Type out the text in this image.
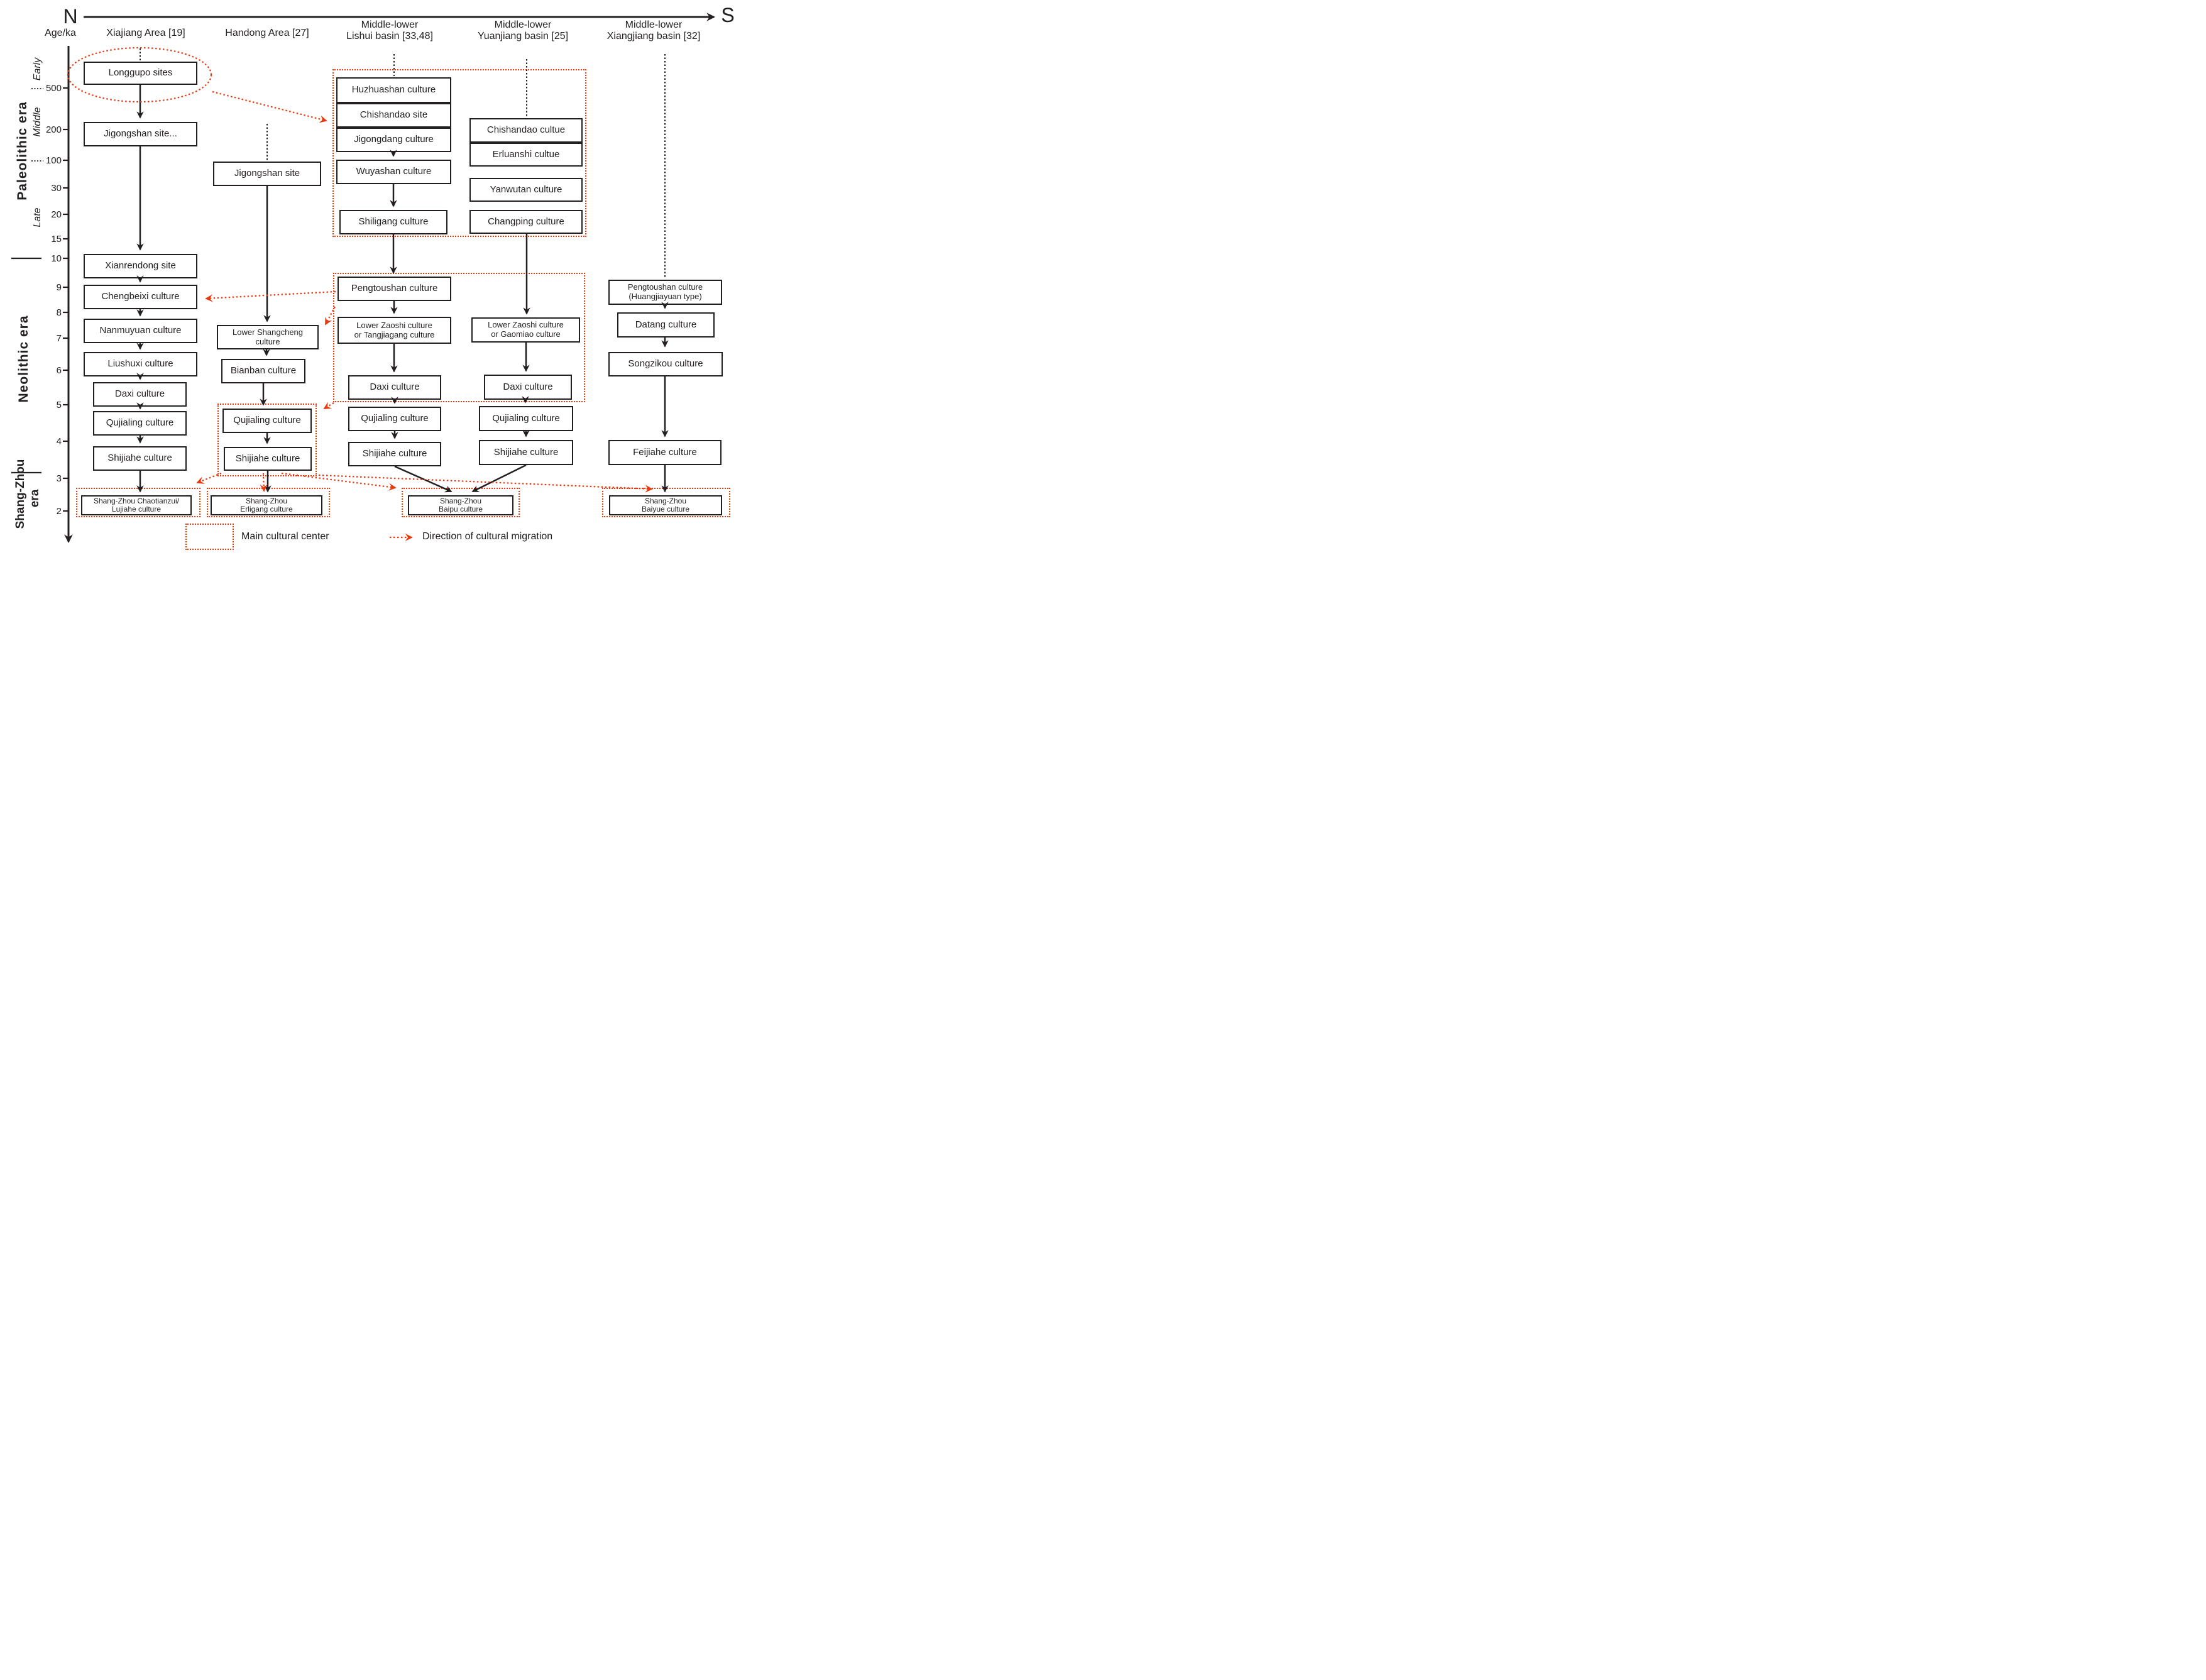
N	S
Age/ka	Xiajiang Area [19]	Handong Area [27]
Middle-lower
Lishui basin [33,48]
Middle-lower
Yuanjiang basin [25]
Middle-lower
Xiangjiang basin [32]
500
200
100
30
20
15
10
9
8
7
6
5
4
3
2
Paleolithic era
Early
Middle
Late
Neolithic era
Shang-Zhou era
Longgupo sites
Jigongshan site...
Xianrendong site
Chengbeixi culture
Nanmuyuan culture
Liushuxi culture
Daxi culture
Qujialing culture
Shijiahe culture
Shang-Zhou Chaotianzui/
Lujiahe culture
Jigongshan site
Lower Shangcheng
culture
Bianban culture
Qujialing culture
Shijiahe culture
Shang-Zhou
Erligang culture
Huzhuashan culture
Chishandao site
Jigongdang culture
Wuyashan culture
Shiligang culture
Pengtoushan culture
Lower Zaoshi culture
or Tangjiagang culture
Daxi culture
Qujialing culture
Shijiahe culture
Shang-Zhou
Baipu culture
Chishandao cultue
Erluanshi cultue
Yanwutan culture
Changping culture
Lower Zaoshi culture
or Gaomiao culture
Daxi culture
Qujialing culture
Shijiahe culture
Pengtoushan culture
(Huangjiayuan type)
Datang culture
Songzikou culture
Feijiahe culture
Shang-Zhou
Baiyue culture
Main cultural center	Direction of cultural migration
